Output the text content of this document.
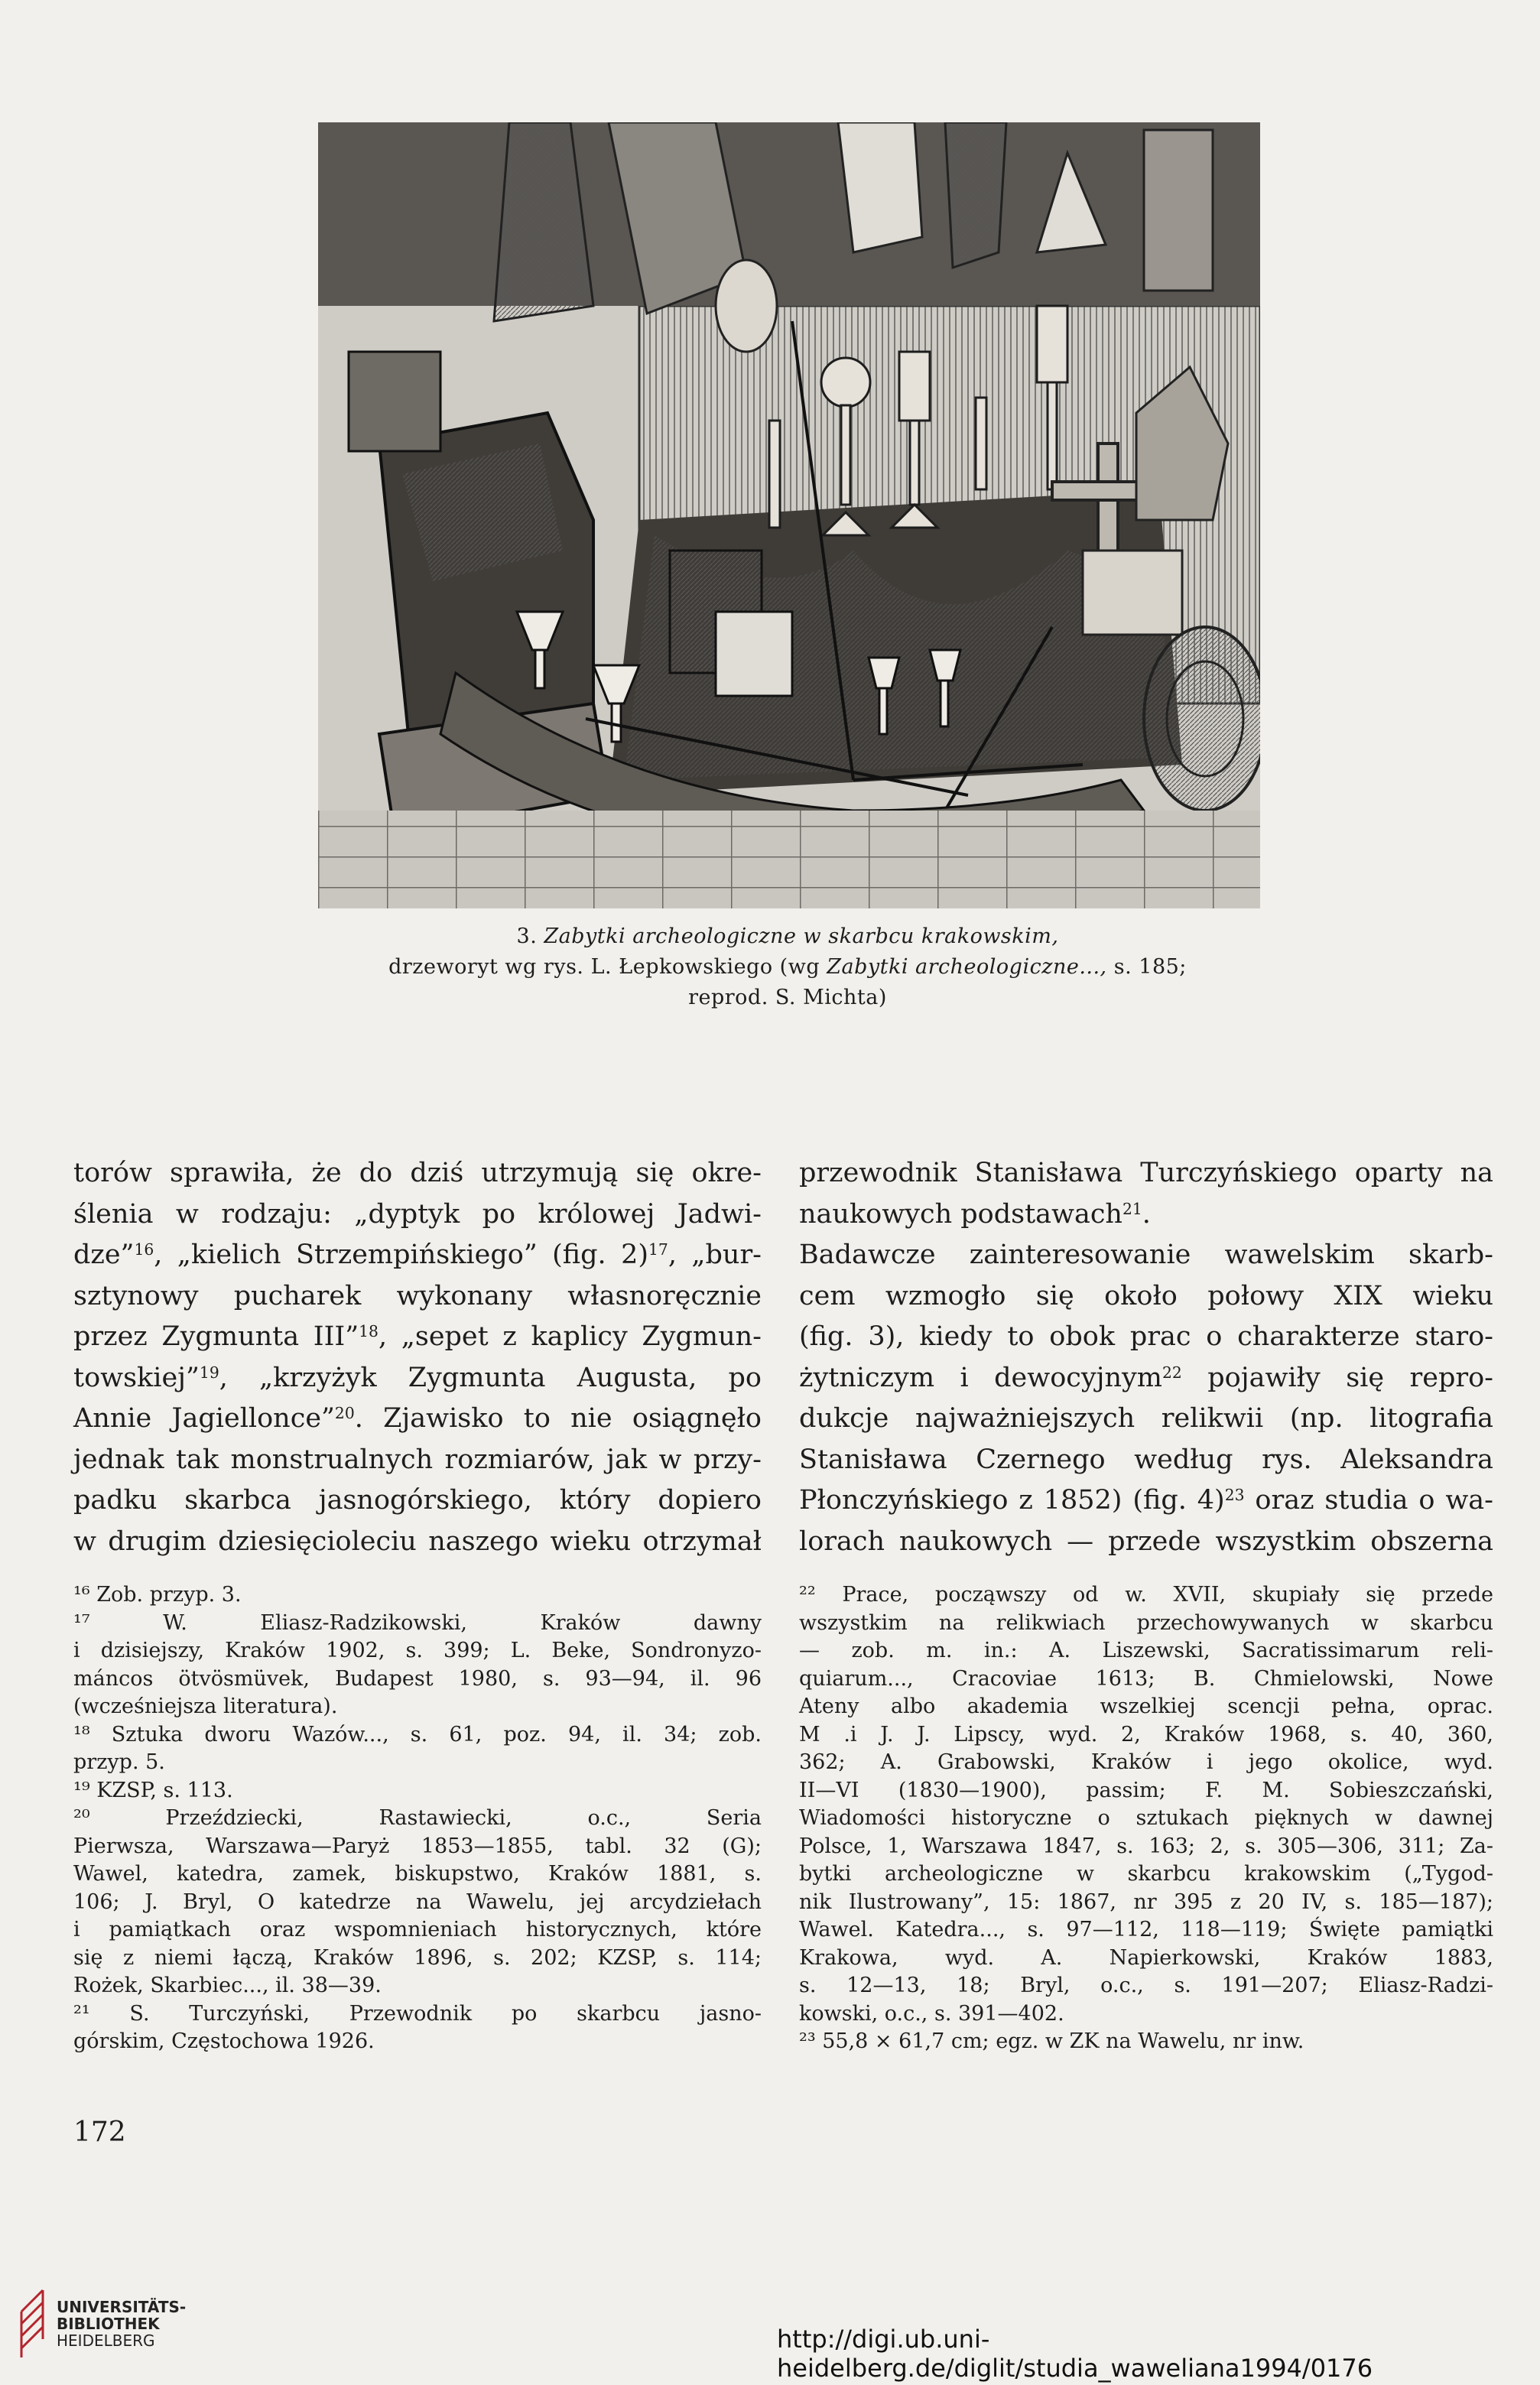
3. Zabytki archeologiczne w skarbcu krakowskim,
drzeworyt wg rys. L. Łepkowskiego (wg Zabytki archeologiczne..., s. 185;
reprod. S. Michta)
torów sprawiła, że do dziś utrzymują się okre-
ślenia w rodzaju: „dyptyk po królowej Jadwi-
dze”$^{16}$, „kielich Strzempińskiego” (fig. 2)$^{17}$, „bur-
sztynowy pucharek wykonany własnoręcznie
przez Zygmunta III”$^{18}$, „sepet z kaplicy Zygmun-
towskiej”$^{19}$, „krzyżyk Zygmunta Augusta, po
Annie Jagiellonce”$^{20}$. Zjawisko to nie osiągnęło
jednak tak monstrualnych rozmiarów, jak w przy-
padku skarbca jasnogórskiego, który dopiero
w drugim dziesięcioleciu naszego wieku otrzymał
przewodnik Stanisława Turczyńskiego oparty na
naukowych podstawach$^{21}$.
Badawcze zainteresowanie wawelskim skarb-
cem wzmogło się około połowy XIX wieku
(fig. 3), kiedy to obok prac o charakterze staro-
żytniczym i dewocyjnym$^{22}$ pojawiły się repro-
dukcje najważniejszych relikwii (np. litografia
Stanisława Czernego według rys. Aleksandra
Płonczyńskiego z 1852) (fig. 4)$^{23}$ oraz studia o wa-
lorach naukowych — przede wszystkim obszerna
¹⁶ Zob. przyp. 3.
¹⁷ W. Eliasz-Radzikowski, Kraków dawny
i dzisiejszy, Kraków 1902, s. 399; L. Beke, Sondronyzo-
máncos ötvösmüvek, Budapest 1980, s. 93—94, il. 96
(wcześniejsza literatura).
¹⁸ Sztuka dworu Wazów..., s. 61, poz. 94, il. 34; zob.
przyp. 5.
¹⁹ KZSP, s. 113.
²⁰ Przeździecki, Rastawiecki, o.c., Seria
Pierwsza, Warszawa—Paryż 1853—1855, tabl. 32 (G);
Wawel, katedra, zamek, biskupstwo, Kraków 1881, s.
106; J. Bryl, O katedrze na Wawelu, jej arcydziełach
i pamiątkach oraz wspomnieniach historycznych, które
się z niemi łączą, Kraków 1896, s. 202; KZSP, s. 114;
Rożek, Skarbiec..., il. 38—39.
²¹ S. Turczyński, Przewodnik po skarbcu jasno-
górskim, Częstochowa 1926.
²² Prace, począwszy od w. XVII, skupiały się przede
wszystkim na relikwiach przechowywanych w skarbcu
— zob. m. in.: A. Liszewski, Sacratissimarum reli-
quiarum..., Cracoviae 1613; B. Chmielowski, Nowe
Ateny albo akademia wszelkiej scencji pełna, oprac.
M .i J. J. Lipscy, wyd. 2, Kraków 1968, s. 40, 360,
362; A. Grabowski, Kraków i jego okolice, wyd.
II—VI (1830—1900), passim; F. M. Sobieszczański,
Wiadomości historyczne o sztukach pięknych w dawnej
Polsce, 1, Warszawa 1847, s. 163; 2, s. 305—306, 311; Za-
bytki archeologiczne w skarbcu krakowskim („Tygod-
nik Ilustrowany”, 15: 1867, nr 395 z 20 IV, s. 185—187);
Wawel. Katedra..., s. 97—112, 118—119; Święte pamiątki
Krakowa, wyd. A. Napierkowski, Kraków 1883,
s. 12—13, 18; Bryl, o.c., s. 191—207; Eliasz-Radzi-
kowski, o.c., s. 391—402.
²³ 55,8 × 61,7 cm; egz. w ZK na Wawelu, nr inw.
172
UNIVERSITÄTS-
BIBLIOTHEK
HEIDELBERG	http://digi.ub.uni-heidelberg.de/diglit/studia_waweliana1994/0176
